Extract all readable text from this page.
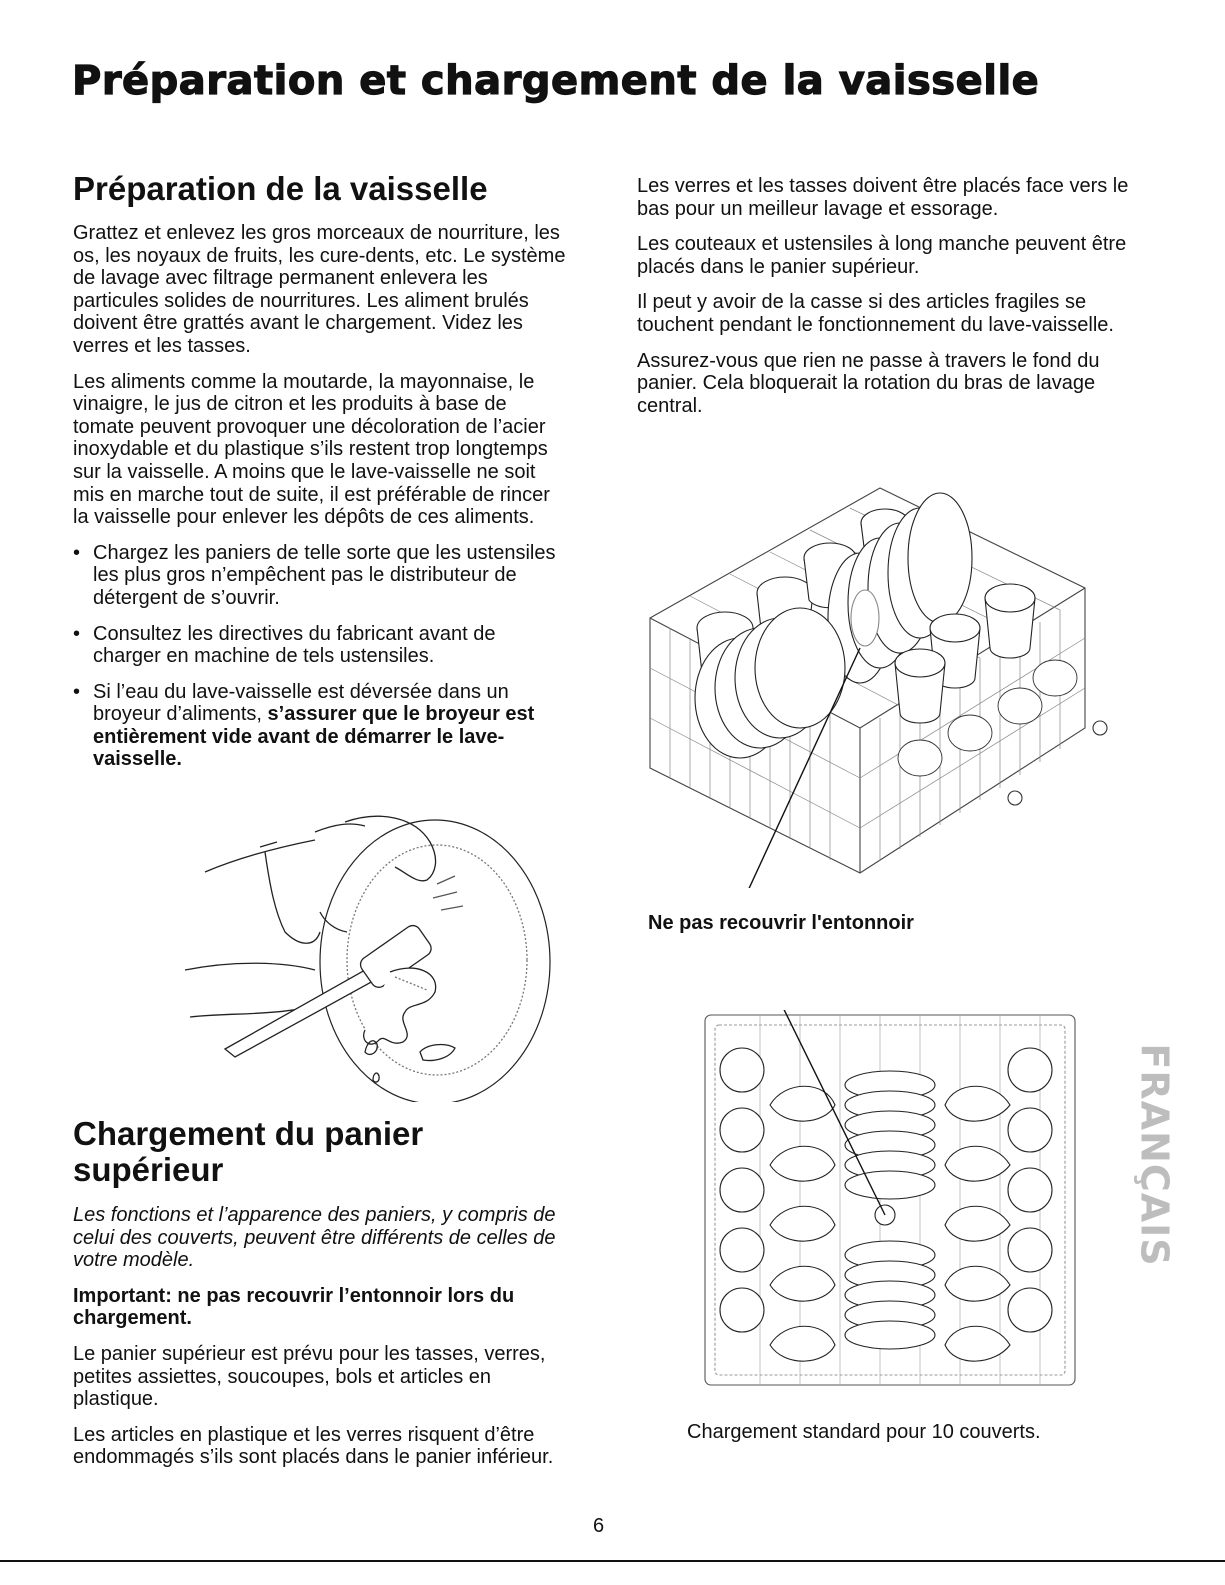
Préparation et chargement de la vaisselle
Préparation de la vaisselle

Grattez et enlevez les gros morceaux de nourriture, les os, les noyaux de fruits, les cure-dents, etc. Le système de lavage avec filtrage permanent enlevera les particules solides de nourritures. Les aliment brulés doivent être grattés avant le chargement. Videz les verres et les tasses.

Les aliments comme la moutarde, la mayonnaise, le vinaigre, le jus de citron et les produits à base de tomate peuvent provoquer une décoloration de l’acier inoxydable et du plastique s’ils restent trop longtemps sur la vaisselle. A moins que le lave-vaisselle ne soit mis en marche tout de suite, il est préférable de rincer la vaisselle pour enlever les dépôts de ces aliments.

• Chargez les paniers de telle sorte que les ustensiles les plus gros n’empêchent pas le distributeur de détergent de s’ouvrir.
• Consultez les directives du fabricant avant de charger en machine de tels ustensiles.
• Si l’eau du lave-vaisselle est déversée dans un broyeur d’aliments, s’assurer que le broyeur est entièrement vide avant de démarrer le lave-vaisselle.
Chargement du panier supérieur

Les fonctions et l’apparence des paniers, y compris de celui des couverts, peuvent être différents de celles de votre modèle.

Important: ne pas recouvrir l’entonnoir lors du chargement.

Le panier supérieur est prévu pour les tasses, verres, petites assiettes, soucoupes, bols et articles en plastique.

Les articles en plastique et les verres risquent d’être endommagés s’ils sont placés dans le panier inférieur.

Les verres et les tasses doivent être placés face vers le bas pour un meilleur lavage et essorage.

Les couteaux et ustensiles à long manche peuvent être placés dans le panier supérieur.

Il peut y avoir de la casse si des articles fragiles se touchent pendant le fonctionnement du lave-vaisselle.

Assurez-vous que rien ne passe à travers le fond du panier. Cela bloquerait la rotation du bras de lavage central.

Ne pas recouvrir l'entonnoir
Chargement standard pour 10 couverts.
FRANÇAIS
6
